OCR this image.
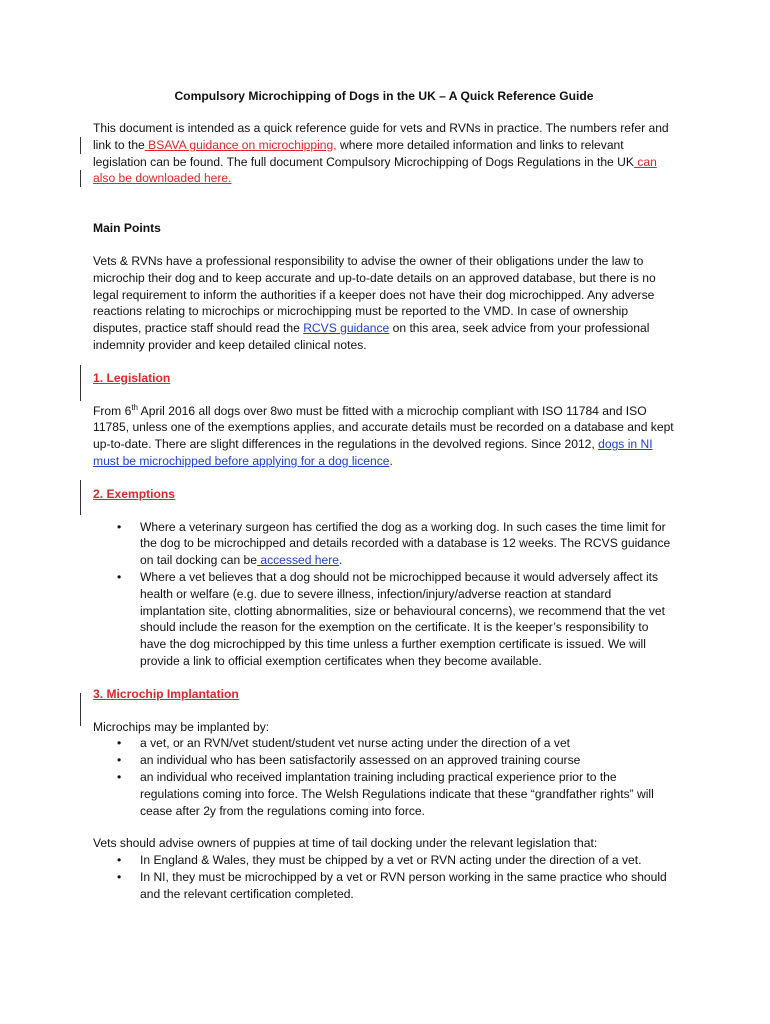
Compulsory Microchipping of Dogs in the UK – A Quick Reference Guide

This document is intended as a quick reference guide for vets and RVNs in practice. The numbers refer and link to the BSAVA guidance on microchipping, where more detailed information and links to relevant legislation can be found. The full document Compulsory Microchipping of Dogs Regulations in the UK can also be downloaded here.

Main Points

Vets & RVNs have a professional responsibility to advise the owner of their obligations under the law to microchip their dog and to keep accurate and up-to-date details on an approved database, but there is no legal requirement to inform the authorities if a keeper does not have their dog microchipped. Any adverse reactions relating to microchips or microchipping must be reported to the VMD. In case of ownership disputes, practice staff should read the RCVS guidance on this area, seek advice from your professional indemnity provider and keep detailed clinical notes.

1. Legislation

From 6th April 2016 all dogs over 8wo must be fitted with a microchip compliant with ISO 11784 and ISO 11785, unless one of the exemptions applies, and accurate details must be recorded on a database and kept up-to-date. There are slight differences in the regulations in the devolved regions. Since 2012, dogs in NI must be microchipped before applying for a dog licence.

2. Exemptions
• Where a veterinary surgeon has certified the dog as a working dog. In such cases the time limit for the dog to be microchipped and details recorded with a database is 12 weeks. The RCVS guidance on tail docking can be accessed here.
• Where a vet believes that a dog should not be microchipped because it would adversely affect its health or welfare (e.g. due to severe illness, infection/injury/adverse reaction at standard implantation site, clotting abnormalities, size or behavioural concerns), we recommend that the vet should include the reason for the exemption on the certificate. It is the keeper’s responsibility to have the dog microchipped by this time unless a further exemption certificate is issued. We will provide a link to official exemption certificates when they become available.
3. Microchip Implantation

Microchips may be implanted by:

• a vet, or an RVN/vet student/student vet nurse acting under the direction of a vet
• an individual who has been satisfactorily assessed on an approved training course
• an individual who received implantation training including practical experience prior to the regulations coming into force. The Welsh Regulations indicate that these “grandfather rights” will cease after 2y from the regulations coming into force.

Vets should advise owners of puppies at time of tail docking under the relevant legislation that:

• In England & Wales, they must be chipped by a vet or RVN acting under the direction of a vet.
• In NI, they must be microchipped by a vet or RVN person working in the same practice who should and the relevant certification completed.
